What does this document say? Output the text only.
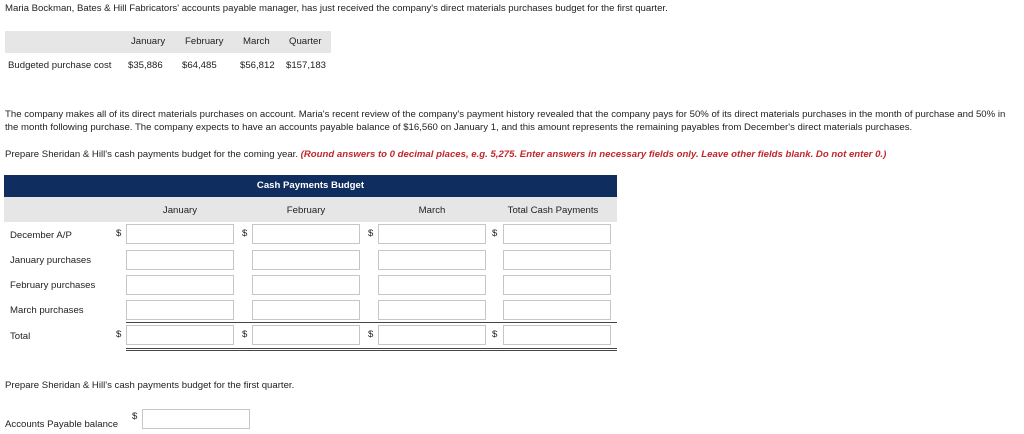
Maria Bockman, Bates & Hill Fabricators' accounts payable manager, has just received the company's direct materials purchases budget for the first quarter.
January February March Quarter
Budgeted purchase cost $35,886 $64,485 $56,812 $157,183
The company makes all of its direct materials purchases on account. Maria's recent review of the company's payment history revealed that the company pays for 50% of its direct materials purchases in the month of purchase and 50% in the month following purchase. The company expects to have an accounts payable balance of $16,560 on January 1, and this amount represents the remaining payables from December's direct materials purchases.
Prepare Sheridan & Hill's cash payments budget for the coming year. (Round answers to 0 decimal places, e.g. 5,275. Enter answers in necessary fields only. Leave other fields blank. Do not enter 0.)
Cash Payments Budget
January	February	March	Total Cash Payments
December A/P	$	$	$	$
January purchases
February purchases
March purchases
Total	$	$	$	$
Prepare Sheridan & Hill's cash payments budget for the first quarter.
Accounts Payable balance
$
